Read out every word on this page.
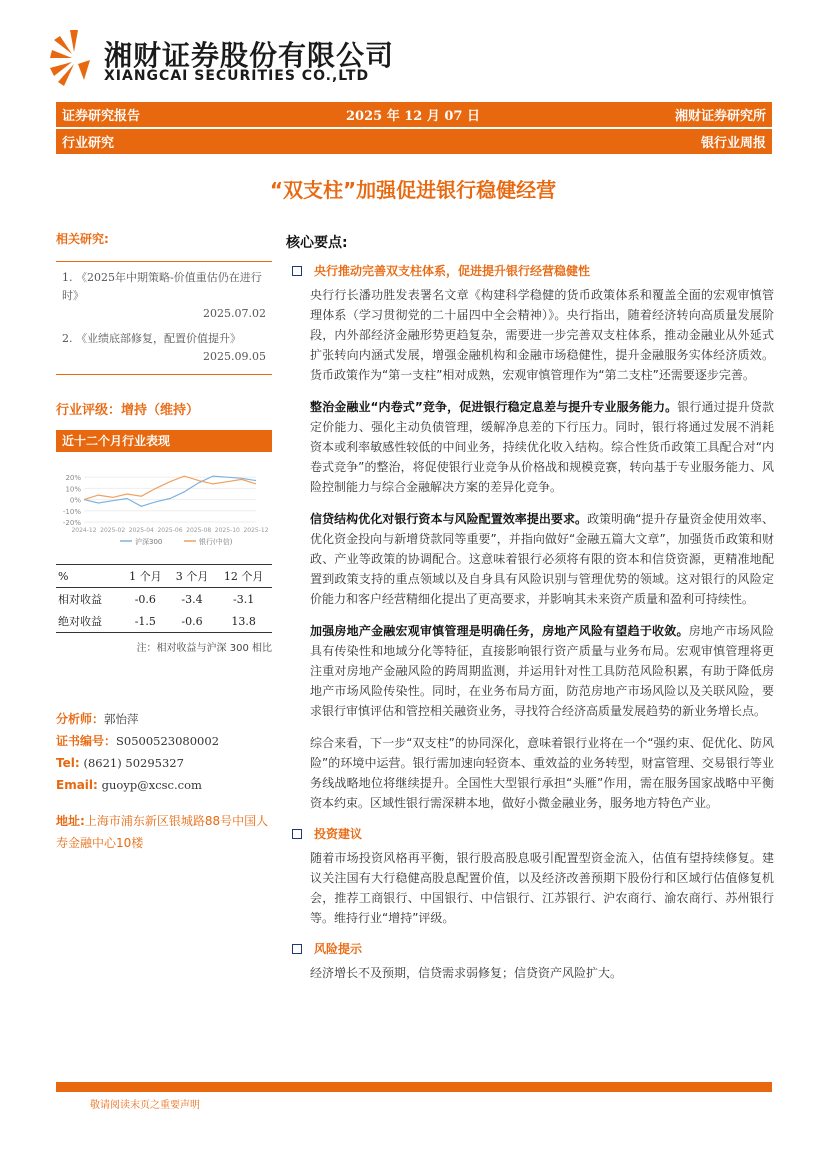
湘财证券股份有限公司
XIANGCAI SECURITIES CO.,LTD
证券研究报告	2025 年 12 月 07 日	湘财证券研究所
行业研究	银行业周报
“双支柱”加强促进银行稳健经营
相关研究:
1. 《2025年中期策略-价值重估仍在进行时》
2025.07.02
2. 《业绩底部修复，配置价值提升》
2025.09.05
行业评级：增持（维持）
近十二个月行业表现
20%
10%
0%
-10%
-20%
2024-12 2025-02 2025-04 2025-06 2025-08 2025-10 2025-12
沪深300	银行(中信)
%	1 个月	3 个月	12 个月
相对收益	-0.6	-3.4	-3.1
绝对收益	-1.5	-0.6	13.8
注：相对收益与沪深 300 相比
分析师：郭怡萍
证书编号：S0500523080002
Tel: (8621) 50295327
Email: guoyp@xcsc.com
地址:上海市浦东新区银城路88号中国人寿金融中心10楼
核心要点:
央行推动完善双支柱体系，促进提升银行经营稳健性

央行行长潘功胜发表署名文章《构建科学稳健的货币政策体系和覆盖全面的宏观审慎管理体系（学习贯彻党的二十届四中全会精神）》。央行指出，随着经济转向高质量发展阶段，内外部经济金融形势更趋复杂，需要进一步完善双支柱体系，推动金融业从外延式扩张转向内涵式发展，增强金融机构和金融市场稳健性，提升金融服务实体经济质效。货币政策作为“第一支柱”相对成熟，宏观审慎管理作为“第二支柱”还需要逐步完善。

整治金融业“内卷式”竞争，促进银行稳定息差与提升专业服务能力。银行通过提升贷款定价能力、强化主动负债管理，缓解净息差的下行压力。同时，银行将通过发展不消耗资本或利率敏感性较低的中间业务，持续优化收入结构。综合性货币政策工具配合对“内卷式竞争”的整治，将促使银行业竞争从价格战和规模竞赛，转向基于专业服务能力、风险控制能力与综合金融解决方案的差异化竞争。

信贷结构优化对银行资本与风险配置效率提出要求。政策明确“提升存量资金使用效率、优化资金投向与新增贷款同等重要”，并指向做好“金融五篇大文章”，加强货币政策和财政、产业等政策的协调配合。这意味着银行必须将有限的资本和信贷资源，更精准地配置到政策支持的重点领域以及自身具有风险识别与管理优势的领域。这对银行的风险定价能力和客户经营精细化提出了更高要求，并影响其未来资产质量和盈利可持续性。

加强房地产金融宏观审慎管理是明确任务，房地产风险有望趋于收敛。房地产市场风险具有传染性和地域分化等特征，直接影响银行资产质量与业务布局。宏观审慎管理将更注重对房地产金融风险的跨周期监测，并运用针对性工具防范风险积累，有助于降低房地产市场风险传染性。同时，在业务布局方面，防范房地产市场风险以及关联风险，要求银行审慎评估和管控相关融资业务，寻找符合经济高质量发展趋势的新业务增长点。

综合来看，下一步“双支柱”的协同深化，意味着银行业将在一个“强约束、促优化、防风险”的环境中运营。银行需加速向轻资本、重效益的业务转型，财富管理、交易银行等业务线战略地位将继续提升。全国性大型银行承担“头雁”作用，需在服务国家战略中平衡资本约束。区域性银行需深耕本地，做好小微金融业务，服务地方特色产业。

投资建议

随着市场投资风格再平衡，银行股高股息吸引配置型资金流入，估值有望持续修复。建议关注国有大行稳健高股息配置价值，以及经济改善预期下股份行和区域行估值修复机会，推荐工商银行、中国银行、中信银行、江苏银行、沪农商行、渝农商行、苏州银行等。维持行业“增持”评级。

风险提示

经济增长不及预期，信贷需求弱修复；信贷资产风险扩大。

敬请阅读末页之重要声明
